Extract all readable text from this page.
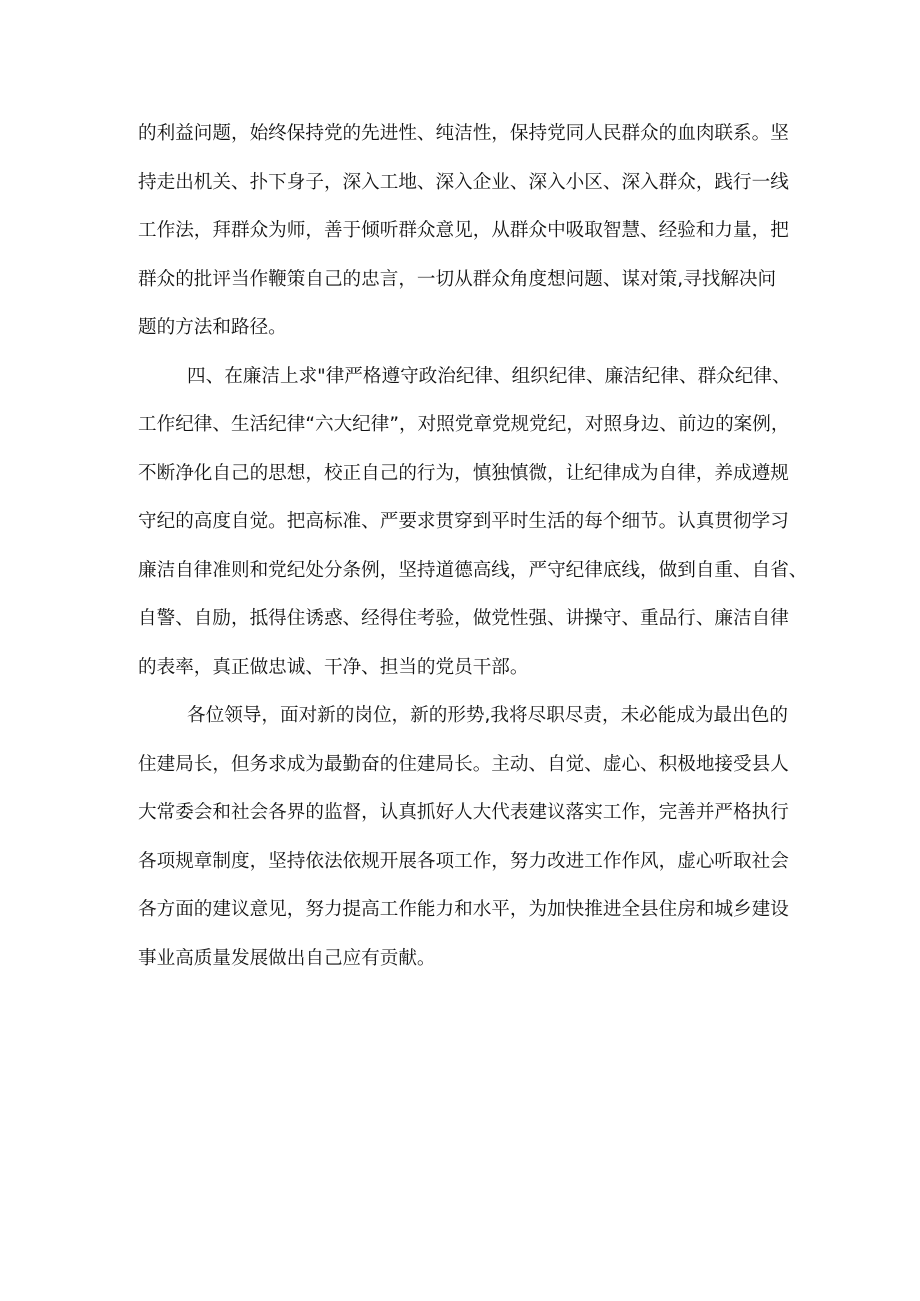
的利益问题，始终保持党的先进性、纯洁性，保持党同人民群众的血肉联系。坚
持走出机关、扑下身子，深入工地、深入企业、深入小区、深入群众，践行一线
工作法，拜群众为师，善于倾听群众意见，从群众中吸取智慧、经验和力量，把
群众的批评当作鞭策自己的忠言，一切从群众角度想问题、谋对策,寻找解决问
题的方法和路径。
四、在廉洁上求"律严格遵守政治纪律、组织纪律、廉洁纪律、群众纪律、
工作纪律、生活纪律“六大纪律”，对照党章党规党纪，对照身边、前边的案例，
不断净化自己的思想，校正自己的行为，慎独慎微，让纪律成为自律，养成遵规
守纪的高度自觉。把高标准、严要求贯穿到平时生活的每个细节。认真贯彻学习
廉洁自律准则和党纪处分条例，坚持道德高线，严守纪律底线，做到自重、自省、
自警、自励，抵得住诱惑、经得住考验，做党性强、讲操守、重品行、廉洁自律
的表率，真正做忠诚、干净、担当的党员干部。
各位领导，面对新的岗位，新的形势,我将尽职尽责，未必能成为最出色的
住建局长，但务求成为最勤奋的住建局长。主动、自觉、虚心、积极地接受县人
大常委会和社会各界的监督，认真抓好人大代表建议落实工作，完善并严格执行
各项规章制度，坚持依法依规开展各项工作，努力改进工作作风，虚心听取社会
各方面的建议意见，努力提高工作能力和水平，为加快推进全县住房和城乡建设
事业高质量发展做出自己应有贡献。
